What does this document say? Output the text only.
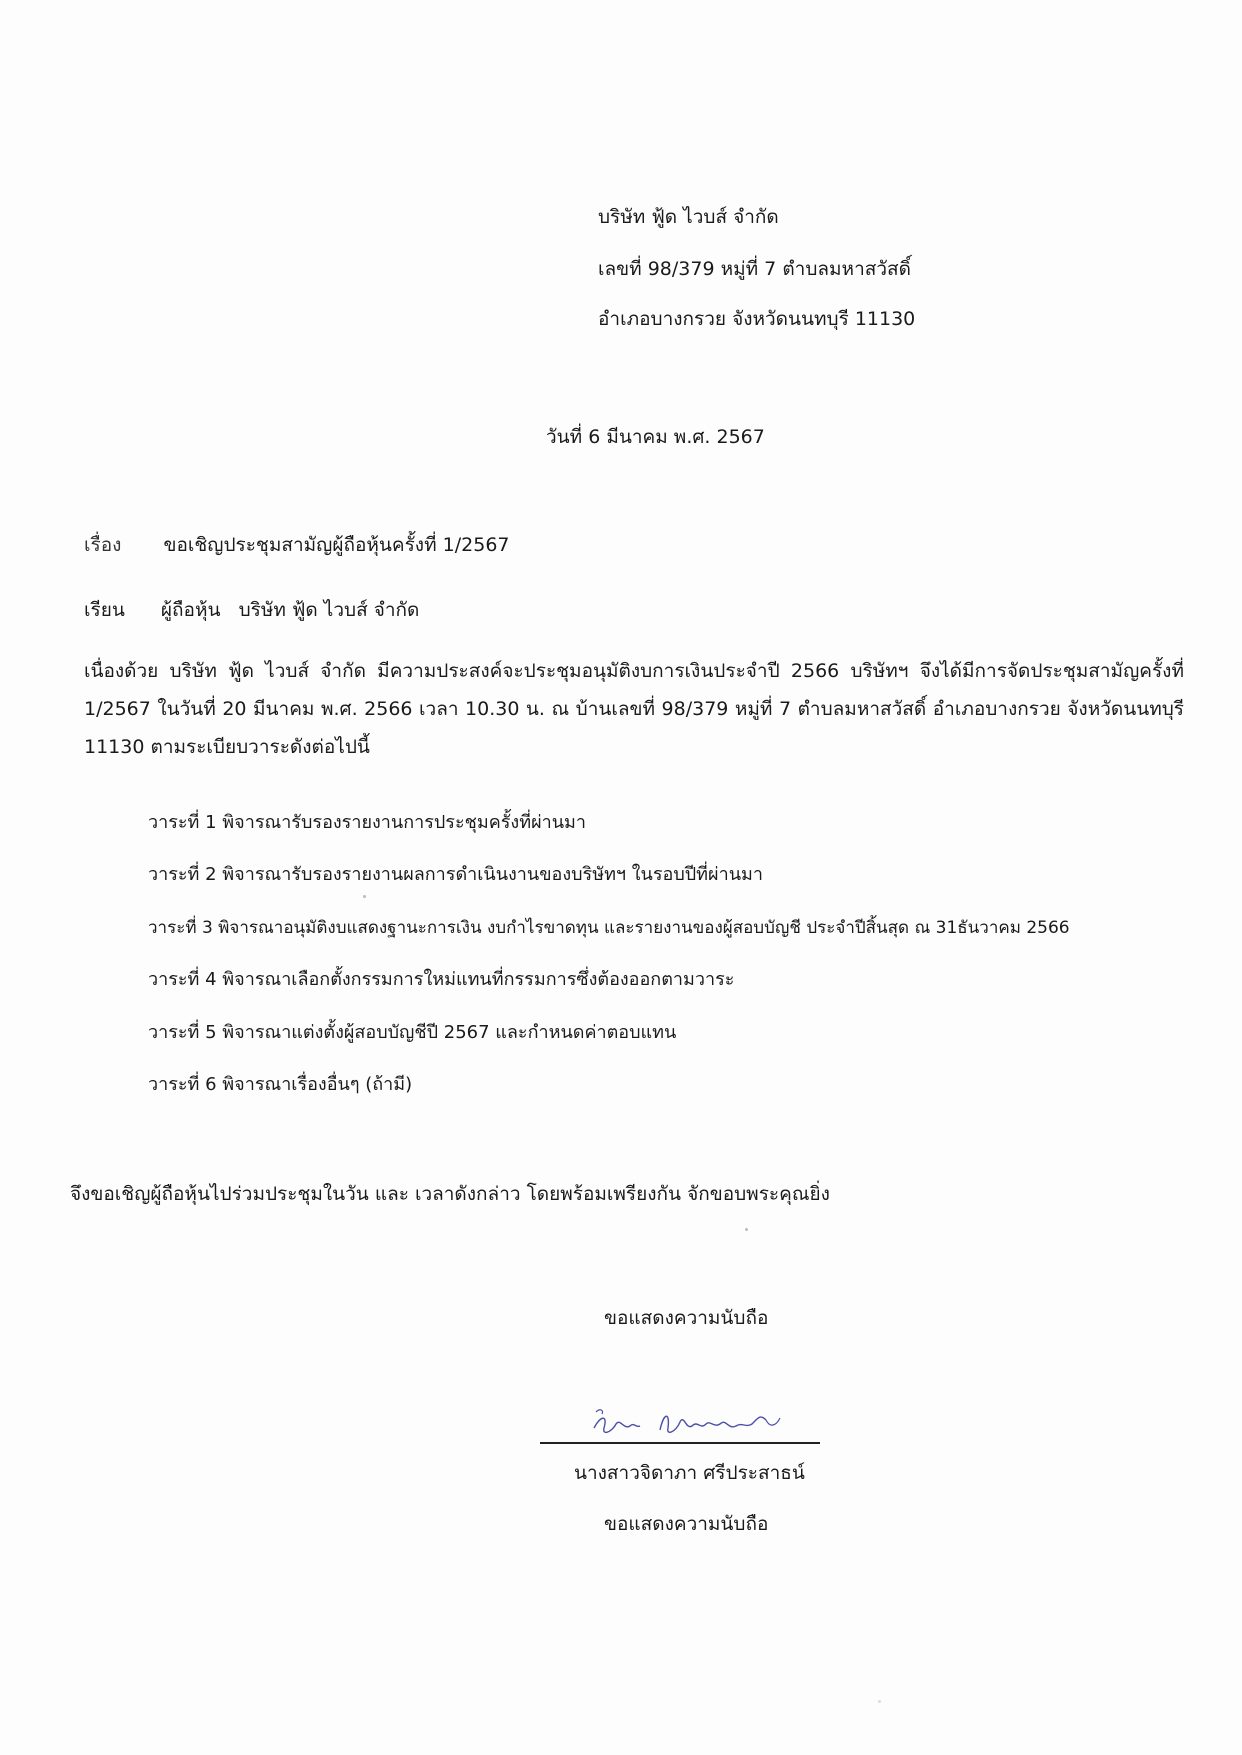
บริษัท ฟู้ด ไวบส์ จำกัด
เลขที่ 98/379 หมู่ที่ 7 ตำบลมหาสวัสดิ์
อำเภอบางกรวย จังหวัดนนทบุรี 11130
วันที่ 6 มีนาคม พ.ศ. 2567
เรื่อง ขอเชิญประชุมสามัญผู้ถือหุ้นครั้งที่ 1/2567
เรียน ผู้ถือหุ้น   บริษัท ฟู้ด ไวบส์ จำกัด
เนื่องด้วย บริษัท ฟู้ด ไวบส์ จำกัด มีความประสงค์จะประชุมอนุมัติงบการเงินประจำปี 2566 บริษัทฯ จึงได้มีการจัดประชุมสามัญครั้งที่ 1/2567 ในวันที่ 20 มีนาคม พ.ศ. 2566 เวลา 10.30 น. ณ บ้านเลขที่ 98/379 หมู่ที่ 7 ตำบลมหาสวัสดิ์ อำเภอบางกรวย จังหวัดนนทบุรี 11130 ตามระเบียบวาระดังต่อไปนี้
วาระที่ 1 พิจารณารับรองรายงานการประชุมครั้งที่ผ่านมา
วาระที่ 2 พิจารณารับรองรายงานผลการดำเนินงานของบริษัทฯ ในรอบปีที่ผ่านมา
วาระที่ 3 พิจารณาอนุมัติงบแสดงฐานะการเงิน งบกำไรขาดทุน และรายงานของผู้สอบบัญชี ประจำปีสิ้นสุด ณ 31ธันวาคม 2566
วาระที่ 4 พิจารณาเลือกตั้งกรรมการใหม่แทนที่กรรมการซึ่งต้องออกตามวาระ
วาระที่ 5 พิจารณาแต่งตั้งผู้สอบบัญชีปี 2567 และกำหนดค่าตอบแทน
วาระที่ 6 พิจารณาเรื่องอื่นๆ (ถ้ามี)
จึงขอเชิญผู้ถือหุ้นไปร่วมประชุมในวัน และ เวลาดังกล่าว โดยพร้อมเพรียงกัน จักขอบพระคุณยิ่ง
ขอแสดงความนับถือ
จิดาภา ศรีประสาธน์
นางสาวจิดาภา ศรีประสาธน์
ขอแสดงความนับถือ
